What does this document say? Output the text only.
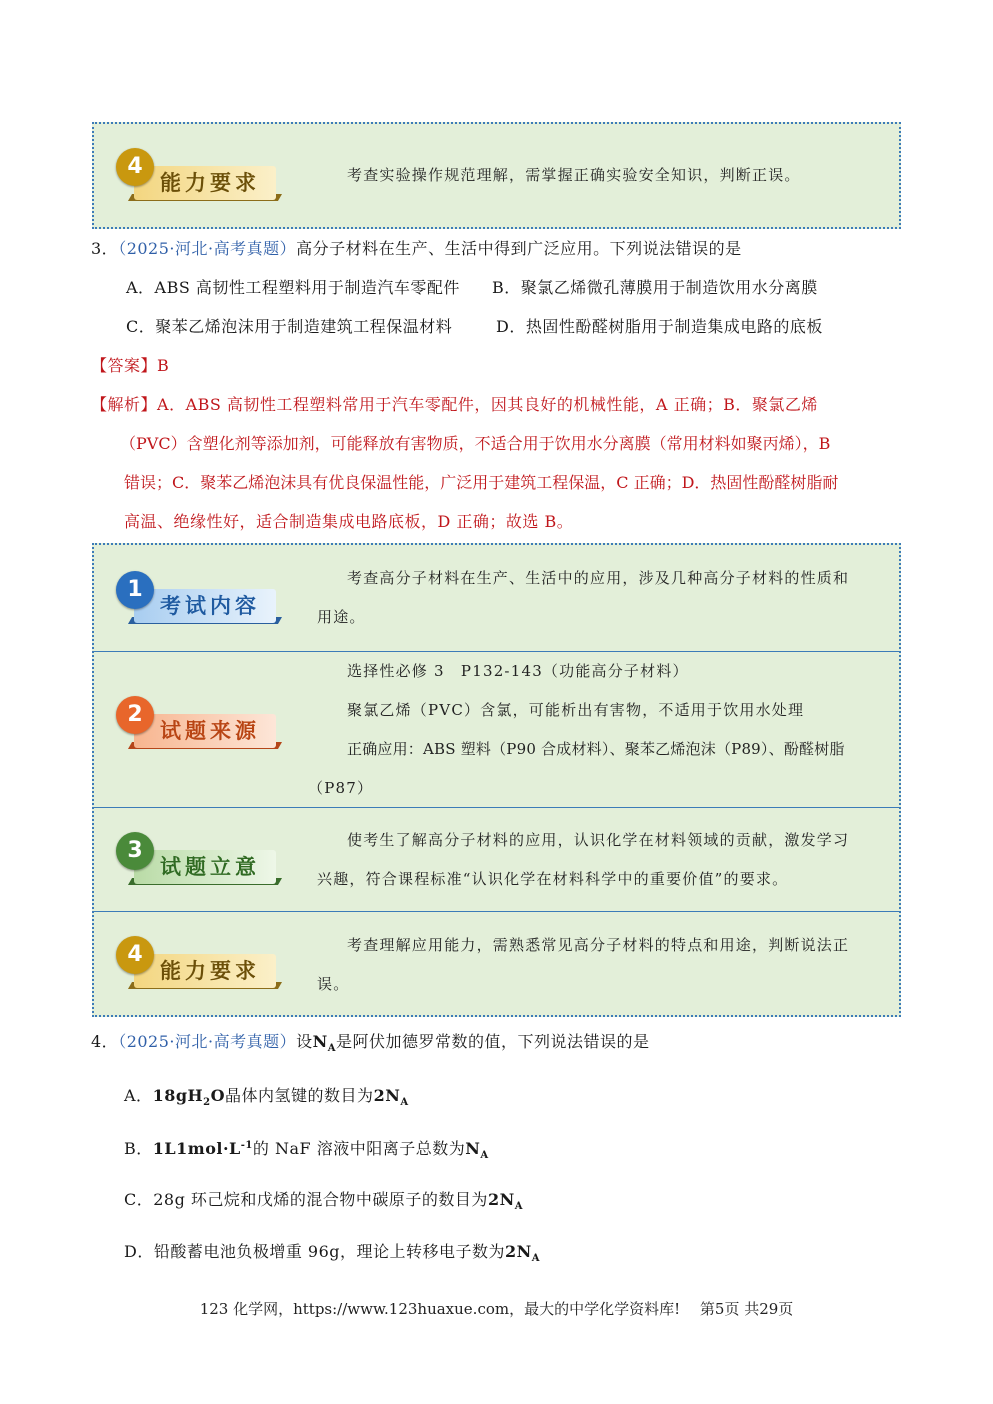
4
能力要求	考查实验操作规范理解，需掌握正确实验安全知识，判断正误。
3．（2025·河北·高考真题）高分子材料在生产、生活中得到广泛应用。下列说法错误的是
A．ABS 高韧性工程塑料用于制造汽车零配件 B．聚氯乙烯微孔薄膜用于制造饮用水分离膜
C．聚苯乙烯泡沫用于制造建筑工程保温材料	D．热固性酚醛树脂用于制造集成电路的底板
【答案】B
【解析】A．ABS 高韧性工程塑料常用于汽车零配件，因其良好的机械性能，A 正确；B．聚氯乙烯
（PVC）含塑化剂等添加剂，可能释放有害物质，不适合用于饮用水分离膜（常用材料如聚丙烯），B
错误；C．聚苯乙烯泡沫具有优良保温性能，广泛用于建筑工程保温，C 正确；D．热固性酚醛树脂耐
高温、绝缘性好，适合制造集成电路底板，D 正确；故选 B。
1
考试内容
考查高分子材料在生产、生活中的应用，涉及几种高分子材料的性质和
用途。
2
试题来源
选择性必修 3　P132-143（功能高分子材料）
聚氯乙烯（PVC）含氯，可能析出有害物，不适用于饮用水处理
正确应用：ABS 塑料（P90 合成材料）、聚苯乙烯泡沫（P89）、酚醛树脂
（P87）
3
试题立意
使考生了解高分子材料的应用，认识化学在材料领域的贡献，激发学习
兴趣，符合课程标准“认识化学在材料科学中的重要价值”的要求。
4
能力要求
考查理解应用能力，需熟悉常见高分子材料的特点和用途，判断说法正
误。
4．（2025·河北·高考真题）设$N_A$是阿伏加德罗常数的值，下列说法错误的是
A．$18gH_2O$晶体内氢键的数目为$2N_A$
B．$1L1mol\cdot L^{-1}$的 NaF 溶液中阳离子总数为$N_A$
C．28g 环己烷和戊烯的混合物中碳原子的数目为$2N_A$
D．铅酸蓄电池负极增重 96g，理论上转移电子数为$2N_A$
123 化学网，https://www.123huaxue.com，最大的中学化学资料库!　 第5页 共29页
